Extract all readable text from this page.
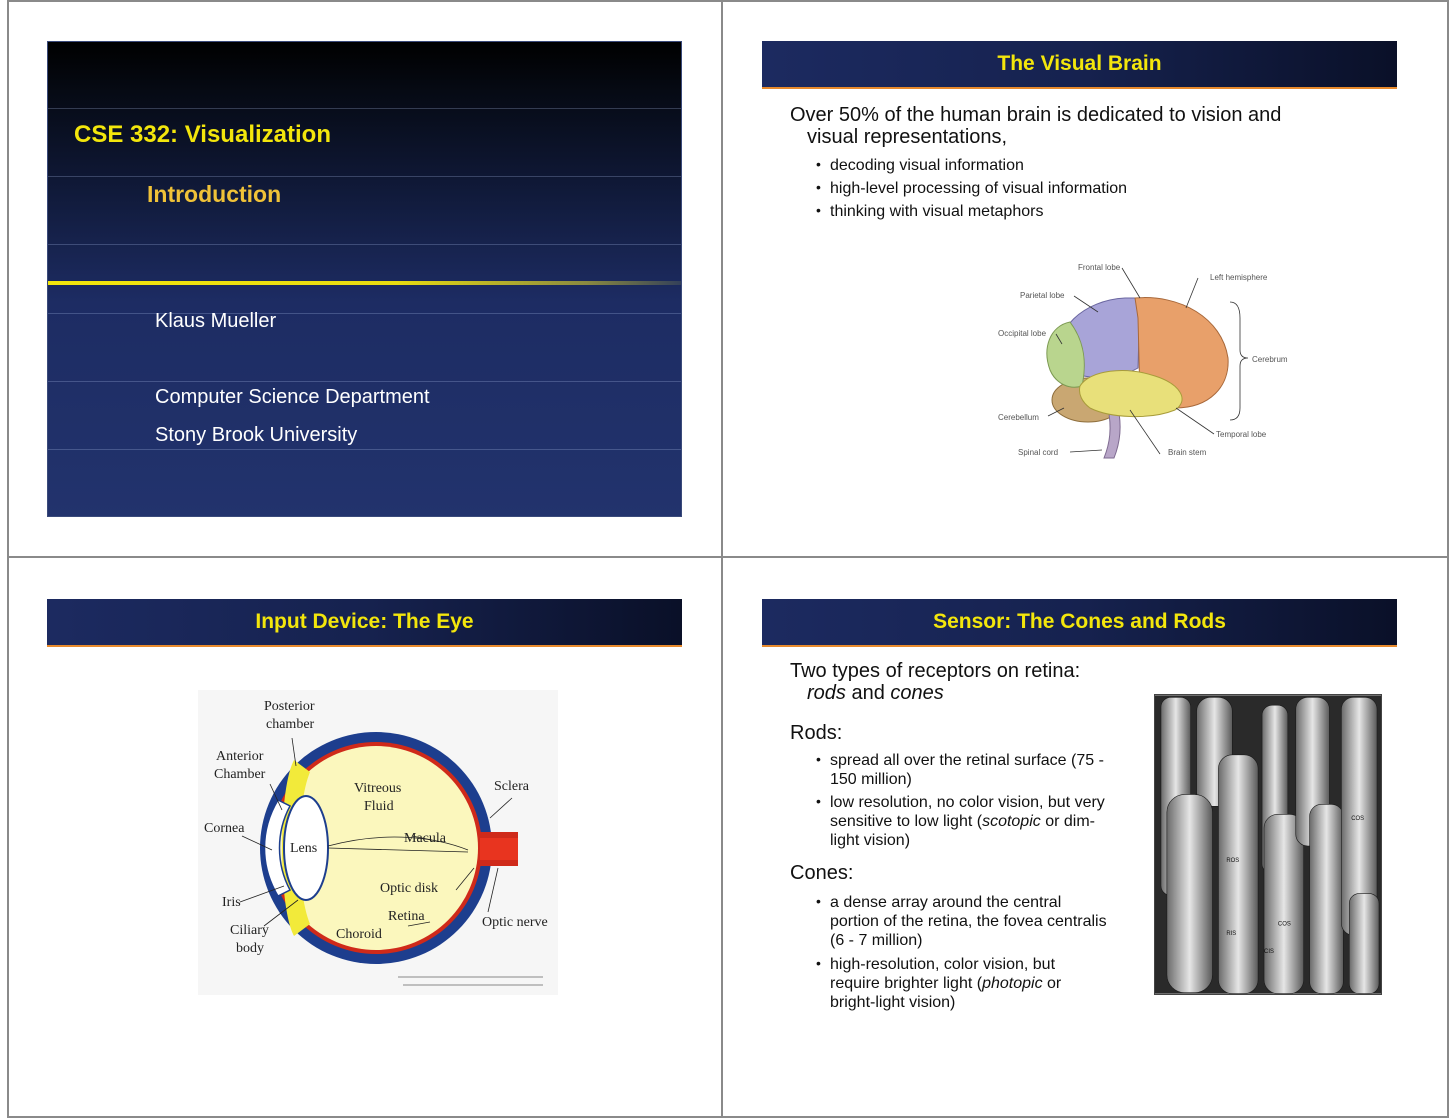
CSE 332: Visualization
Introduction
Klaus Mueller
Computer Science Department
Stony Brook University
The Visual Brain
Over 50% of the human brain is dedicated to vision and
visual representations,
• decoding visual information
• high-level processing of visual information
• thinking with visual metaphors
Frontal lobe
Parietal lobe
Occipital lobe
Cerebellum
Spinal cord	Brain stem
Temporal lobe
Cerebrum
Left hemisphere
Input Device: The Eye
Posterior
chamber
Anterior
Chamber
Cornea
Iris
Ciliary
body
Vitreous
Fluid
Lens
Macula
Sclera
Optic disk
Retina
Choroid
Optic nerve
Sensor: The Cones and Rods
Two types of receptors on retina:
rods and cones
Rods:
• spread all over the retinal surface (75 -
150 million)
• low resolution, no color vision, but very
sensitive to low light (scotopic or dim-
light vision)
Cones:
• a dense array around the central
portion of the retina, the fovea centralis
(6 - 7 million)
• high-resolution, color vision, but
require brighter light (photopic or
bright-light vision)
ROS
COS
RIS
COS
CIS
